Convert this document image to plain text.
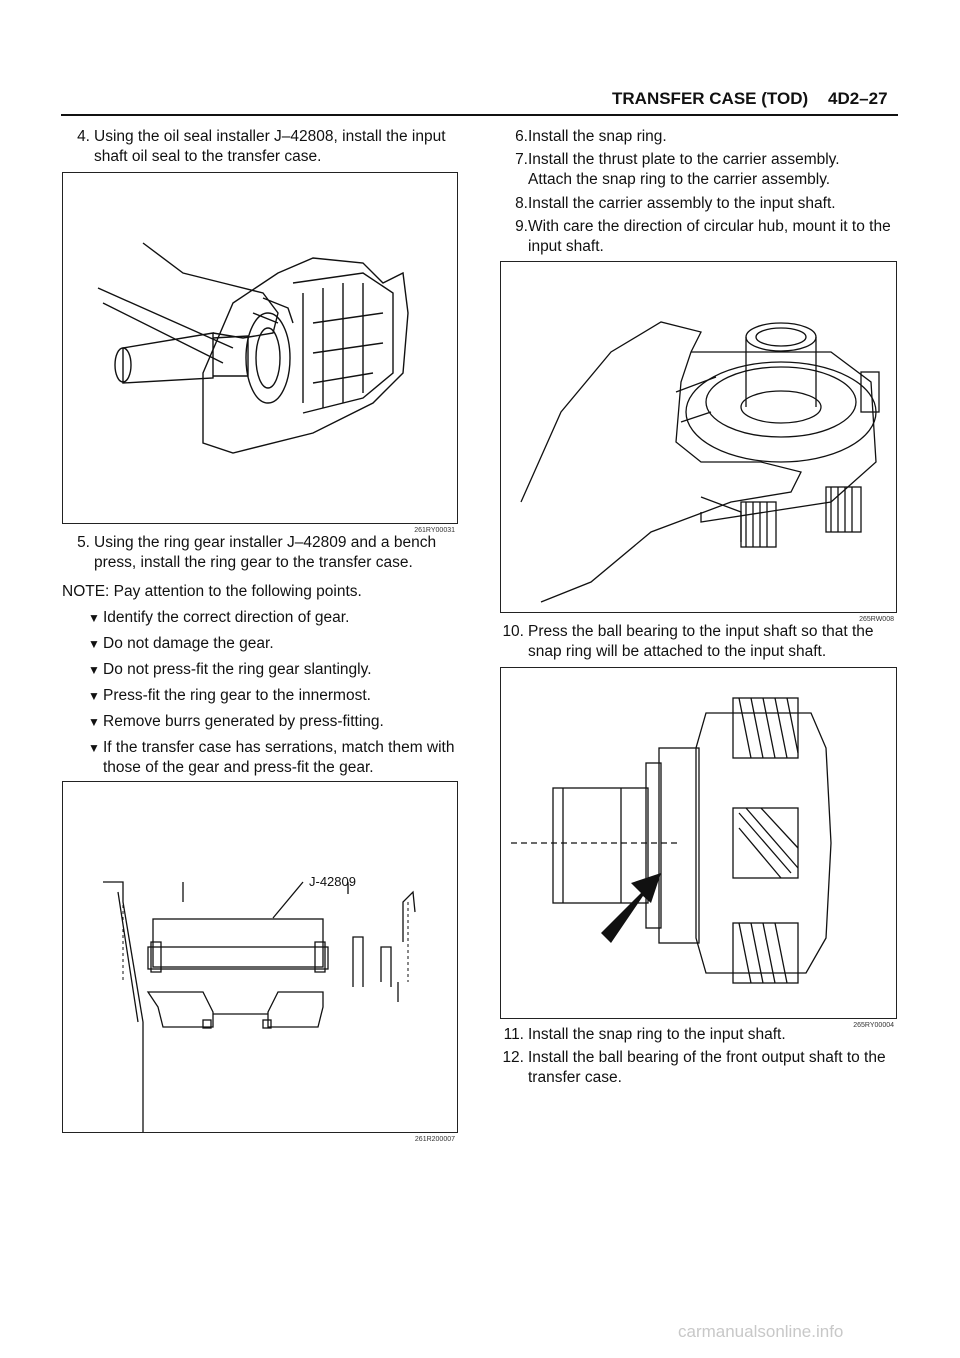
TRANSFER CASE (TOD) 4D2–27
4. Using the oil seal installer J–42808, install the input
shaft oil seal to the transfer case.
261RY00031
5. Using the ring gear installer J–42809 and a bench
press, install the ring gear to the transfer case.
NOTE: Pay attention to the following points.
▼ Identify the correct direction of gear.
▼ Do not damage the gear.
▼ Do not press-fit the ring gear slantingly.
▼ Press-fit the ring gear to the innermost.
▼ Remove burrs generated by press-fitting.
▼ If the transfer case has serrations, match them with
those of the gear and press-fit the gear.
J-42809
261R200007
6. Install the snap ring.
7. Install the thrust plate to the carrier assembly.
Attach the snap ring to the carrier assembly.
8. Install the carrier assembly to the input shaft.
9. With care the direction of circular hub, mount it to the
input shaft.
265RW008
10. Press the ball bearing to the input shaft so that the
snap ring will be attached to the input shaft.
265RY00004
11. Install the snap ring to the input shaft.
12. Install the ball bearing of the front output shaft to the
transfer case.
carmanualsonline.info
